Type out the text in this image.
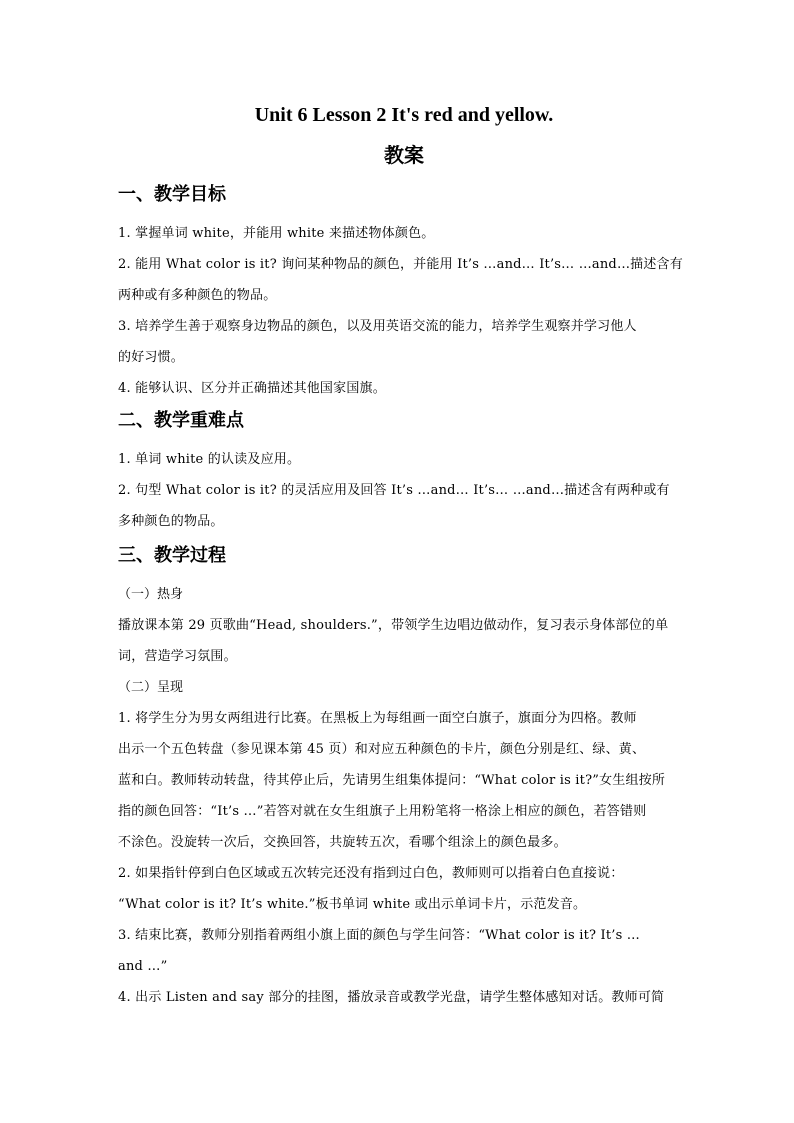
Unit 6 Lesson 2 It's red and yellow.
教案
一、教学目标

1. 掌握单词 white，并能用 white 来描述物体颜色。

2. 能用 What color is it? 询问某种物品的颜色，并能用 It’s …and… It’s… …and…描述含有

两种或有多种颜色的物品。

3. 培养学生善于观察身边物品的颜色，以及用英语交流的能力，培养学生观察并学习他人

的好习惯。

4. 能够认识、区分并正确描述其他国家国旗。

二、教学重难点

1. 单词 white 的认读及应用。

2. 句型 What color is it? 的灵活应用及回答 It’s …and… It’s… …and…描述含有两种或有

多种颜色的物品。

三、教学过程

（一）热身

播放课本第 29 页歌曲“Head, shoulders.”，带领学生边唱边做动作，复习表示身体部位的单

词，营造学习氛围。

（二）呈现

1. 将学生分为男女两组进行比赛。在黑板上为每组画一面空白旗子，旗面分为四格。教师

出示一个五色转盘（参见课本第 45 页）和对应五种颜色的卡片，颜色分别是红、绿、黄、

蓝和白。教师转动转盘，待其停止后，先请男生组集体提问：“What color is it?”女生组按所

指的颜色回答：“It’s …”若答对就在女生组旗子上用粉笔将一格涂上相应的颜色，若答错则

不涂色。没旋转一次后，交换回答，共旋转五次，看哪个组涂上的颜色最多。

2. 如果指针停到白色区域或五次转完还没有指到过白色，教师则可以指着白色直接说：

“What color is it? It’s white.”板书单词 white 或出示单词卡片，示范发音。

3. 结束比赛，教师分别指着两组小旗上面的颜色与学生问答：“What color is it? It’s …

and …”

4. 出示 Listen and say 部分的挂图，播放录音或教学光盘，请学生整体感知对话。教师可简
